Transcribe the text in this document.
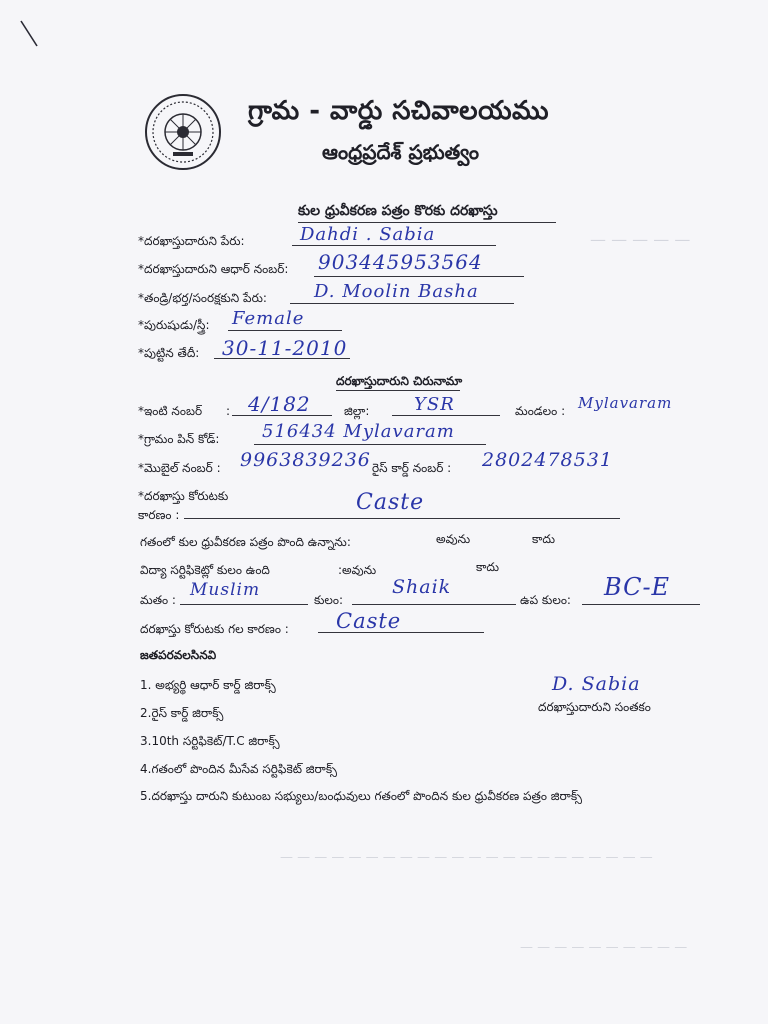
— — — — —
— — — — — — — — — — — — — — — — — — — — — —
— — — — — — — — — —
గ్రామ - వార్డు సచివాలయము
ఆంధ్రప్రదేశ్ ప్రభుత్వం
కుల ధ్రువీకరణ పత్రం కొరకు దరఖాస్తు
*దరఖాస్తుదారుని పేరు:	Dahdi . Sabia
*దరఖాస్తుదారుని ఆధార్ నంబర్: 903445953564
*తండ్రి/భర్త/సంరక్షకుని పేరు:	D. Moolin Basha
*పురుషుడు/స్త్రీ: Female
*పుట్టిన తేదీ: 30-11-2010
దరఖాస్తుదారుని చిరునామా
*ఇంటి నంబర్ : 4/182	జిల్లా: YSR	మండలం : Mylavaram
*గ్రామం పిన్ కోడ్: 516434 Mylavaram
*మొబైల్ నంబర్ : 9963839236 రైస్ కార్డ్ నంబర్ : 2802478531
*దరఖాస్తు కోరుటకు
కారణం :	Caste
గతంలో కుల ధ్రువీకరణ పత్రం పొంది ఉన్నాను:	అవును	కాదు
విద్యా సర్టిఫికెట్లో కులం ఉంది	:అవును	కాదు
మతం : Muslim	కులం:
Shaik
ఉప కులం: BC-E
దరఖాస్తు కోరుటకు గల కారణం : Caste
జతపరవలసినవి
1. అభ్యర్థి ఆధార్ కార్డ్ జిరాక్స్
2.రైస్ కార్డ్ జిరాక్స్
3.10th సర్టిఫికెట్/T.C జిరాక్స్
4.గతంలో పొందిన మీసేవ సర్టిఫికెట్ జిరాక్స్
5.దరఖాస్తు దారుని కుటుంబ సభ్యులు/బంధువులు గతంలో పొందిన కుల ధ్రువీకరణ పత్రం జిరాక్స్
D. Sabia
దరఖాస్తుదారుని సంతకం
